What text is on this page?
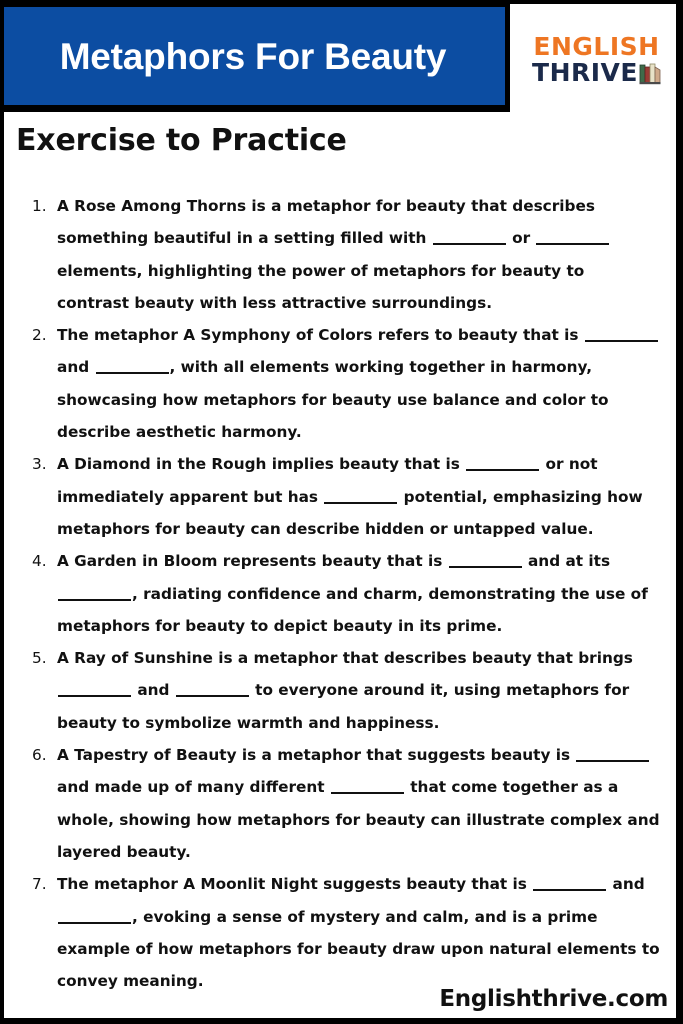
Metaphors For Beauty	ENGLISH
THRIVE
Exercise to Practice
A Rose Among Thorns is a metaphor for beauty that describes something beautiful in a setting filled with	or  elements, highlighting the power of metaphors for beauty to contrast beauty with less attractive surroundings.
The metaphor A Symphony of Colors refers to beauty that is  and	, with all elements working together in harmony, showcasing how metaphors for beauty use balance and color to describe aesthetic harmony.
A Diamond in the Rough implies beauty that is	or not immediately apparent but has	potential, emphasizing how metaphors for beauty can describe hidden or untapped value.
A Garden in Bloom represents beauty that is	and at its , radiating confidence and charm, demonstrating the use of metaphors for beauty to depict beauty in its prime.
A Ray of Sunshine is a metaphor that describes beauty that brings  and	to everyone around it, using metaphors for beauty to symbolize warmth and happiness.
A Tapestry of Beauty is a metaphor that suggests beauty is  and made up of many different	that come together as a whole, showing how metaphors for beauty can illustrate complex and layered beauty.
The metaphor A Moonlit Night suggests beauty that is	and , evoking a sense of mystery and calm, and is a prime example of how metaphors for beauty draw upon natural elements to convey meaning.
Englishthrive.com
